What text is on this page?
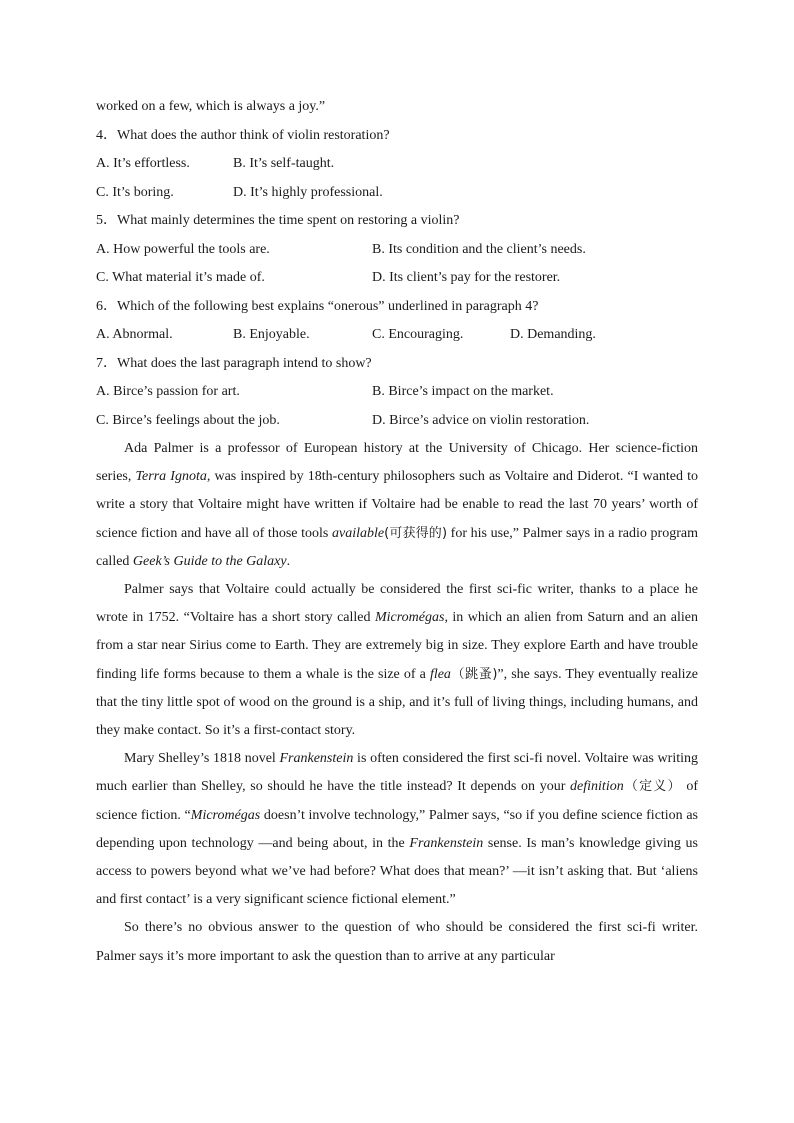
worked on a few, which is always a joy.”
4．What does the author think of violin restoration?
A. It’s effortless.	B. It’s self-taught.
C. It’s boring.	D. It’s highly professional.
5．What mainly determines the time spent on restoring a violin?
A. How powerful the tools are.	B. Its condition and the client’s needs.
C. What material it’s made of.	D. Its client’s pay for the restorer.
6．Which of the following best explains “onerous” underlined in paragraph 4?
A. Abnormal.	B. Enjoyable.	C. Encouraging.	D. Demanding.
7．What does the last paragraph intend to show?
A. Birce’s passion for art.	B. Birce’s impact on the market.
C. Birce’s feelings about the job.	D. Birce’s advice on violin restoration.

Ada Palmer is a professor of European history at the University of Chicago. Her science-fiction series, Terra Ignota, was inspired by 18th-century philosophers such as Voltaire and Diderot. “I wanted to write a story that Voltaire might have written if Voltaire had be enable to read the last 70 years’ worth of science fiction and have all of those tools available(可获得的) for his use,” Palmer says in a radio program called Geek’s Guide to the Galaxy.

Palmer says that Voltaire could actually be considered the first sci-fic writer, thanks to a place he wrote in 1752. “Voltaire has a short story called Micromégas, in which an alien from Saturn and an alien from a star near Sirius come to Earth. They are extremely big in size. They explore Earth and have trouble finding life forms because to them a whale is the size of a flea（跳蚤)”, she says. They eventually realize that the tiny little spot of wood on the ground is a ship, and it’s full of living things, including humans, and they make contact. So it’s a first-contact story.

Mary Shelley’s 1818 novel Frankenstein is often considered the first sci-fi novel. Voltaire was writing much earlier than Shelley, so should he have the title instead? It depends on your definition（定义） of science fiction. “Micromégas doesn’t involve technology,” Palmer says, “so if you define science fiction as depending upon technology —and being about, in the Frankenstein sense. Is man’s knowledge giving us access to powers beyond what we’ve had before? What does that mean?’ —it isn’t asking that. But ‘aliens and first contact’ is a very significant science fictional element.”

So there’s no obvious answer to the question of who should be considered the first sci-fi writer. Palmer says it’s more important to ask the question than to arrive at any particular
